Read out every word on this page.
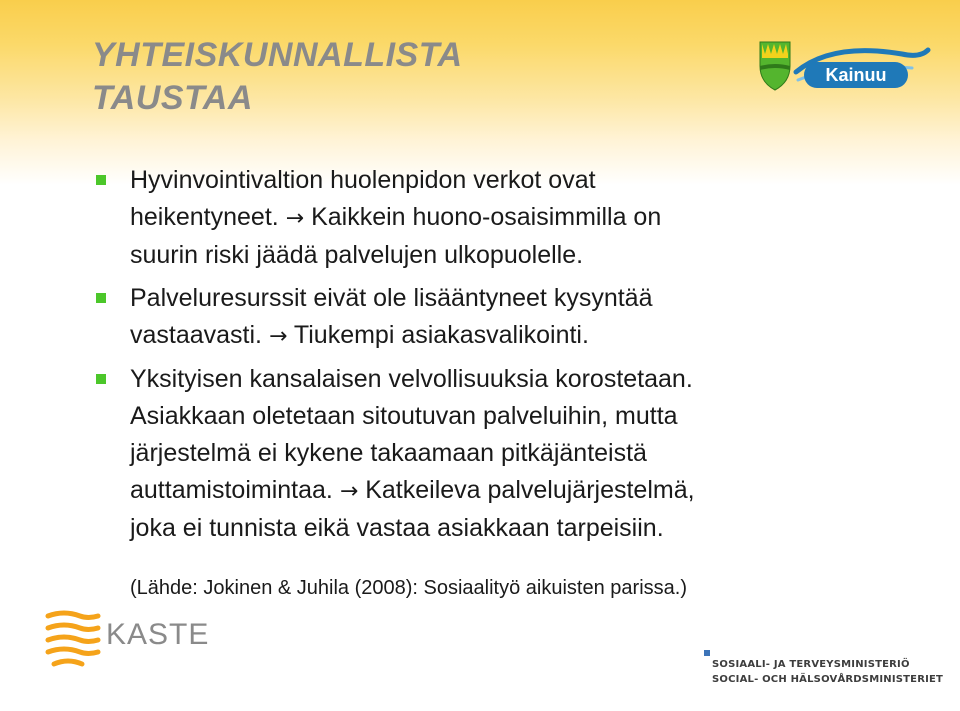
YHTEISKUNNALLISTA
TAUSTAA
Kainuu
Hyvinvointivaltion huolenpidon verkot ovat
heikentyneet. → Kaikkein huono-osaisimmilla on
suurin riski jäädä palvelujen ulkopuolelle.
Palveluresurssit eivät ole lisääntyneet kysyntää
vastaavasti. → Tiukempi asiakasvalikointi.
Yksityisen kansalaisen velvollisuuksia korostetaan.
Asiakkaan oletetaan sitoutuvan palveluihin, mutta
järjestelmä ei kykene takaamaan pitkäjänteistä
auttamistoimintaa. → Katkeileva palvelujärjestelmä,
joka ei tunnista eikä vastaa asiakkaan tarpeisiin.
(Lähde: Jokinen & Juhila (2008): Sosiaalityö aikuisten parissa.)
KASTE
SOSIAALI- JA TERVEYSMINISTERIÖ
SOCIAL- OCH HÄLSOVÅRDSMINISTERIET
